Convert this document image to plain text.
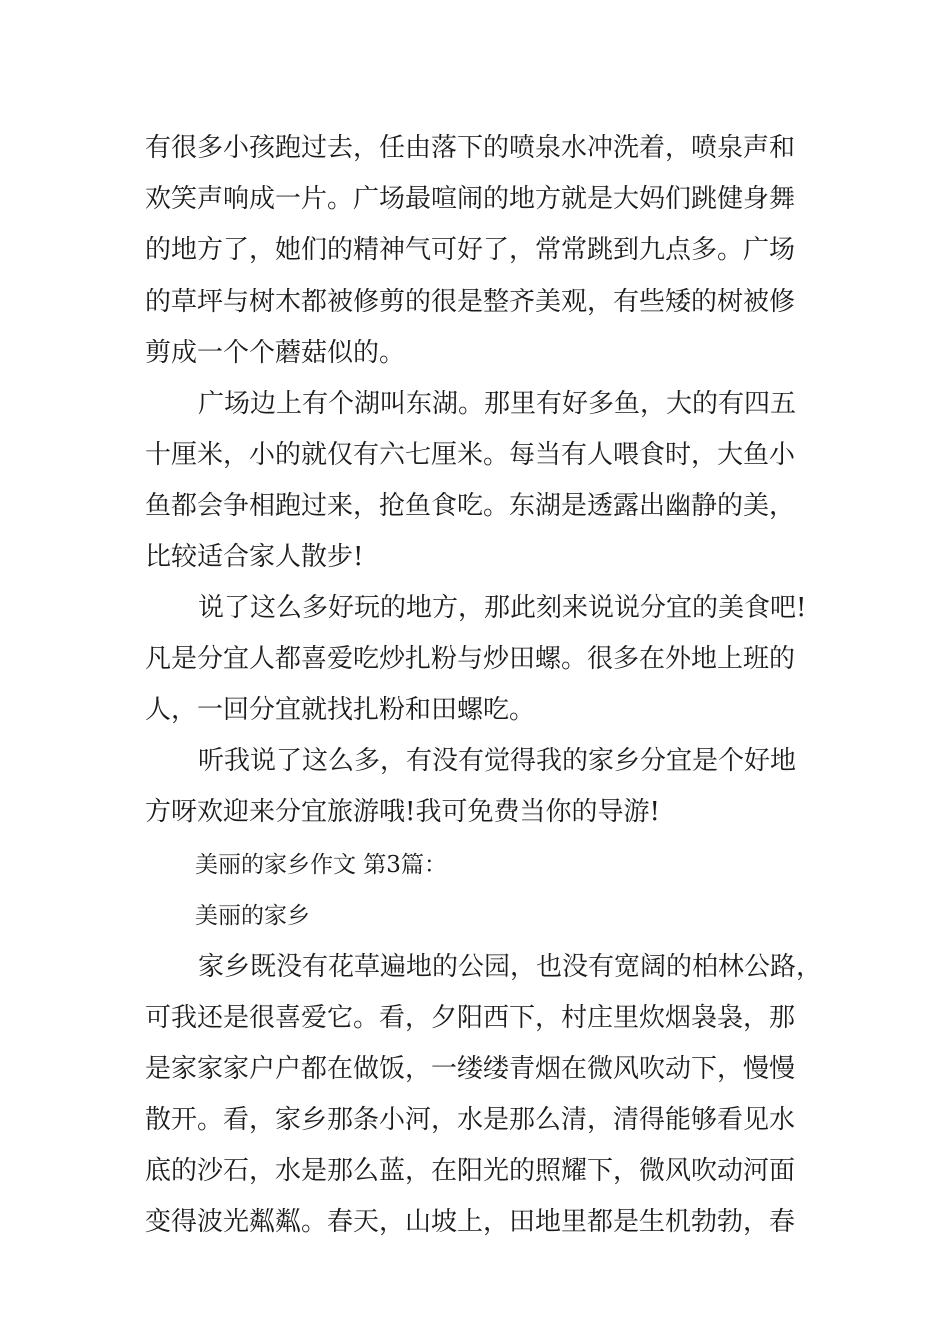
有很多小孩跑过去，任由落下的喷泉水冲洗着，喷泉声和
欢笑声响成一片。广场最喧闹的地方就是大妈们跳健身舞
的地方了，她们的精神气可好了，常常跳到九点多。广场
的草坪与树木都被修剪的很是整齐美观，有些矮的树被修
剪成一个个蘑菇似的。
广场边上有个湖叫东湖。那里有好多鱼，大的有四五
十厘米，小的就仅有六七厘米。每当有人喂食时，大鱼小
鱼都会争相跑过来，抢鱼食吃。东湖是透露出幽静的美，
比较适合家人散步!
说了这么多好玩的地方，那此刻来说说分宜的美食吧!
凡是分宜人都喜爱吃炒扎粉与炒田螺。很多在外地上班的
人，一回分宜就找扎粉和田螺吃。
听我说了这么多，有没有觉得我的家乡分宜是个好地
方呀欢迎来分宜旅游哦!我可免费当你的导游!
美丽的家乡作文 第3篇：
美丽的家乡
家乡既没有花草遍地的公园，也没有宽阔的柏林公路，
可我还是很喜爱它。看，夕阳西下，村庄里炊烟袅袅，那
是家家家户户都在做饭，一缕缕青烟在微风吹动下，慢慢
散开。看，家乡那条小河，水是那么清，清得能够看见水
底的沙石，水是那么蓝，在阳光的照耀下，微风吹动河面
变得波光粼粼。春天，山坡上，田地里都是生机勃勃，春
